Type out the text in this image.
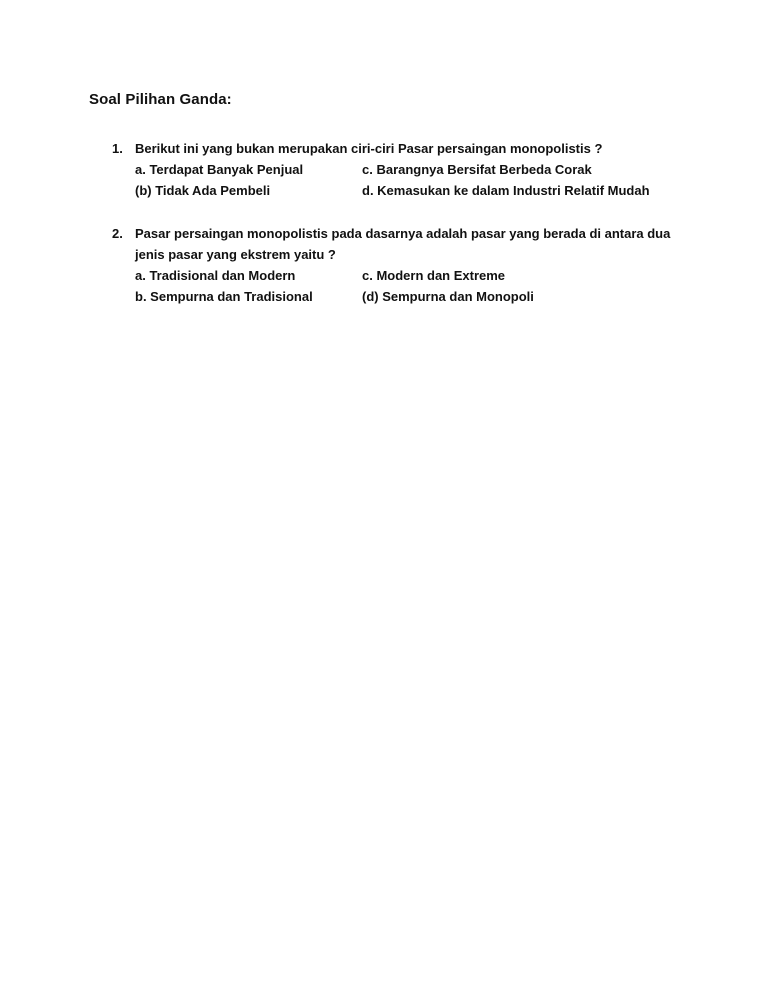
Soal Pilihan Ganda:
1. Berikut ini yang bukan merupakan ciri-ciri Pasar persaingan monopolistis ?
a. Terdapat Banyak Penjual	c. Barangnya Bersifat Berbeda Corak
(b) Tidak Ada Pembeli	d. Kemasukan ke dalam Industri Relatif Mudah
2. Pasar persaingan monopolistis pada dasarnya adalah pasar yang berada di antara dua
jenis pasar yang ekstrem yaitu ?
a. Tradisional dan Modern	c. Modern dan Extreme
b. Sempurna dan Tradisional	(d) Sempurna dan Monopoli
